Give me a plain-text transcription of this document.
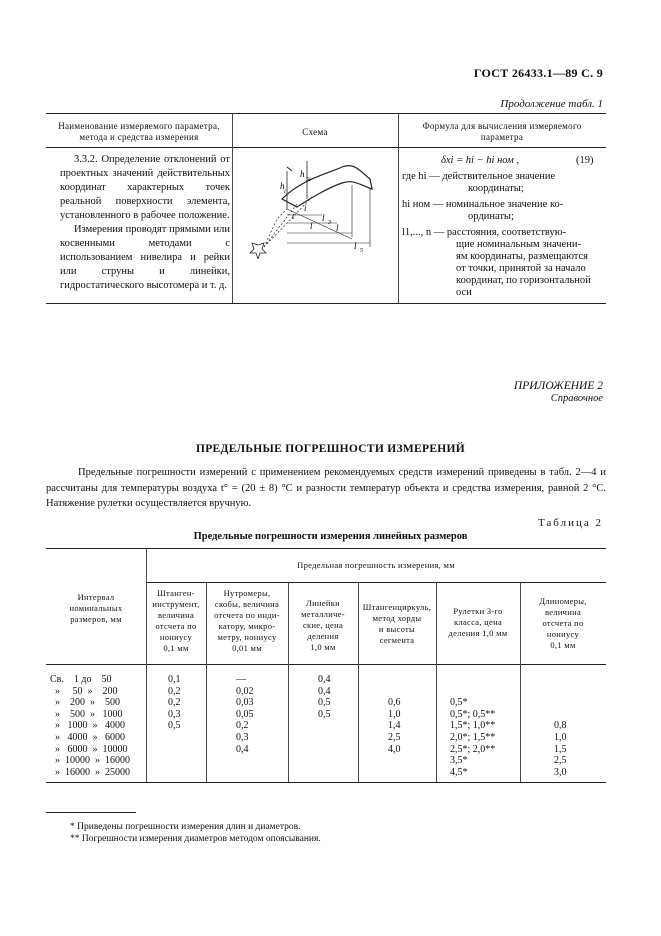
ГОСТ 26433.1—89 С. 9
Продолжение табл. 1
Наименование измеряемого параметра,
метода и средства измерения	Схема
Формула для вычисления измеряемого
параметра

3.3.2. Определение отклонений от проектных значений действительных координат характерных точек реальной поверхности элемента, установленного в рабочее положение.

Измерения проводят прямыми или косвенными методами с использованием нивелира и рейки или струны и линейки, гидростатического высотомера и т. д.

h
i
h
5i
i
t
l
l 3 l
l 5
δxi = hi − hi ном ,	(19)
где hi — действительное значение
координаты;
hi ном — номинальное значение ко-
ординаты;
l1,..., n — расстояния, соответствую-
щие номинальным значени-
ям координаты, размещаются
от точки, принятой за начало
координат, по горизонтальной
оси
ПРИЛОЖЕНИЕ 2
Справочное
ПРЕДЕЛЬНЫЕ ПОГРЕШНОСТИ ИЗМЕРЕНИЙ

Предельные погрешности измерений с применением рекомендуемых средств измерений приведены в табл. 2—4 и рассчитаны для температуры воздуха t° = (20 ± 8) °С и разности температур объекта и средства измерения, равной 2 °С. Натяжение рулетки осуществляется вручную.

Таблица 2
Предельные погрешности измерения линейных размеров
Предельная погрешность измерения, мм
Интервал
номинальных
размеров, мм
Штанген-
инструмент,
величина
отсчета по
нониусу
0,1 мм
Нутромеры,
скобы, величина
отсчета по инди-
катору, микро-
метру, нониусу
0,01 мм
Линейки
металличе-
ские, цена
деления
1,0 мм
Штангенциркуль,
метод хорды
и высоты
сегмента
Рулетки 3-го
класса, цена
деления 1,0 мм
Длиномеры,
величина
отсчета по
нониусу
0,1 мм
Св.    1 до    50
»     50  »    200
»    200  »    500
»    500  »   1000
»   1000  »   4000
»   4000  »   6000
»   6000  »  10000
»  10000  »  16000
»  16000  »  25000
0,1
0,2
0,2
0,3
0,5
—
0,02
0,03
0,05
0,2
0,3
0,4
0,4
0,4
0,5
0,5

0,6
1,0
1,4
2,5
4,0

0,5*
0,5*; 0,5**
1,5*; 1,0**
2,0*; 1,5**
2,5*; 2,0**
3,5*
4,5*

0,8
1,0
1,5
2,5
3,0
* Приведены погрешности измерения длин и диаметров.
** Погрешности измерения диаметров методом опоясывания.
